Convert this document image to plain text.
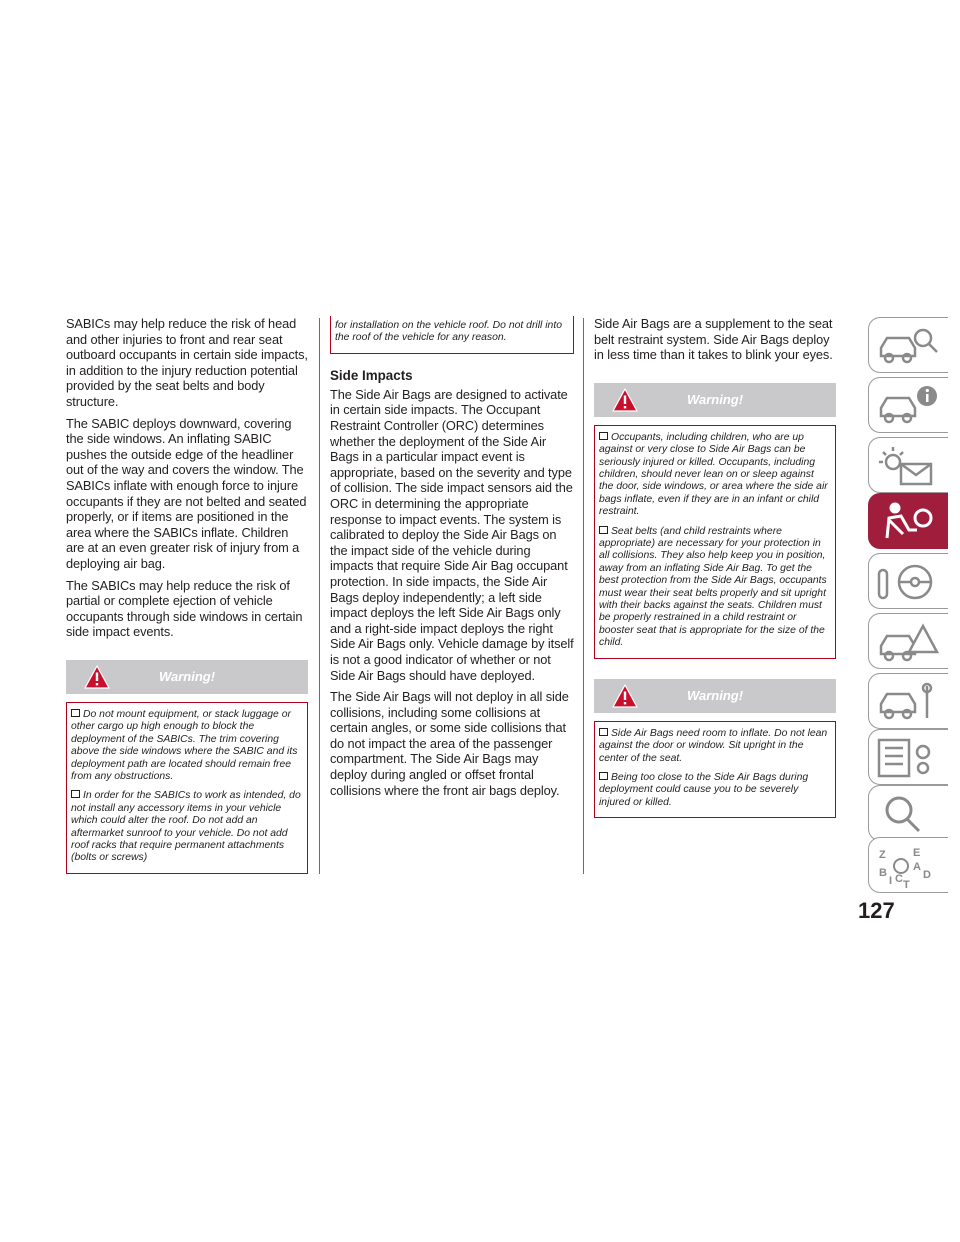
SABICs may help reduce the risk of head and other injuries to front and rear seat outboard occupants in certain side impacts, in addition to the injury reduction potential provided by the seat belts and body structure.

The SABIC deploys downward, covering the side windows. An inflating SABIC pushes the outside edge of the headliner out of the way and covers the window. The SABICs inflate with enough force to injure occupants if they are not belted and seated properly, or if items are positioned in the area where the SABICs inflate. Children are at an even greater risk of injury from a deploying air bag.

The SABICs may help reduce the risk of partial or complete ejection of vehicle occupants through side windows in certain side impact events.

Warning!

Do not mount equipment, or stack luggage or other cargo up high enough to block the deployment of the SABICs. The trim covering above the side windows where the SABIC and its deployment path are located should remain free from any obstructions.

In order for the SABICs to work as intended, do not install any accessory items in your vehicle which could alter the roof. Do not add an aftermarket sunroof to your vehicle. Do not add roof racks that require permanent attachments (bolts or screws)

for installation on the vehicle roof. Do not drill into the roof of the vehicle for any reason.

Side Impacts

The Side Air Bags are designed to activate in certain side impacts. The Occupant Restraint Controller (ORC) determines whether the deployment of the Side Air Bags in a particular impact event is appropriate, based on the severity and type of collision. The side impact sensors aid the ORC in determining the appropriate response to impact events. The system is calibrated to deploy the Side Air Bags on the impact side of the vehicle during impacts that require Side Air Bag occupant protection. In side impacts, the Side Air Bags deploy independently; a left side impact deploys the left Side Air Bags only and a right-side impact deploys the right Side Air Bags only. Vehicle damage by itself is not a good indicator of whether or not Side Air Bags should have deployed.

The Side Air Bags will not deploy in all side collisions, including some collisions at certain angles, or some side collisions that do not impact the area of the passenger compartment. The Side Air Bags may deploy during angled or offset frontal collisions where the front air bags deploy.

Side Air Bags are a supplement to the seat belt restraint system. Side Air Bags deploy in less time than it takes to blink your eyes.

Warning!

Occupants, including children, who are up against or very close to Side Air Bags can be seriously injured or killed. Occupants, including children, should never lean on or sleep against the door, side windows, or area where the side air bags inflate, even if they are in an infant or child restraint.

Seat belts (and child restraints where appropriate) are necessary for your protection in all collisions. They also help keep you in position, away from an inflating Side Air Bag. To get the best protection from the Side Air Bags, occupants must wear their seat belts properly and sit upright with their backs against the seats. Children must be properly restrained in a child restraint or booster seat that is appropriate for the size of the child.

Warning!

Side Air Bags need room to inflate. Do not lean against the door or window. Sit upright in the center of the seat.

Being too close to the Side Air Bags during deployment could cause you to be severely injured or killed.

Z E
A
B C D
I T
127
